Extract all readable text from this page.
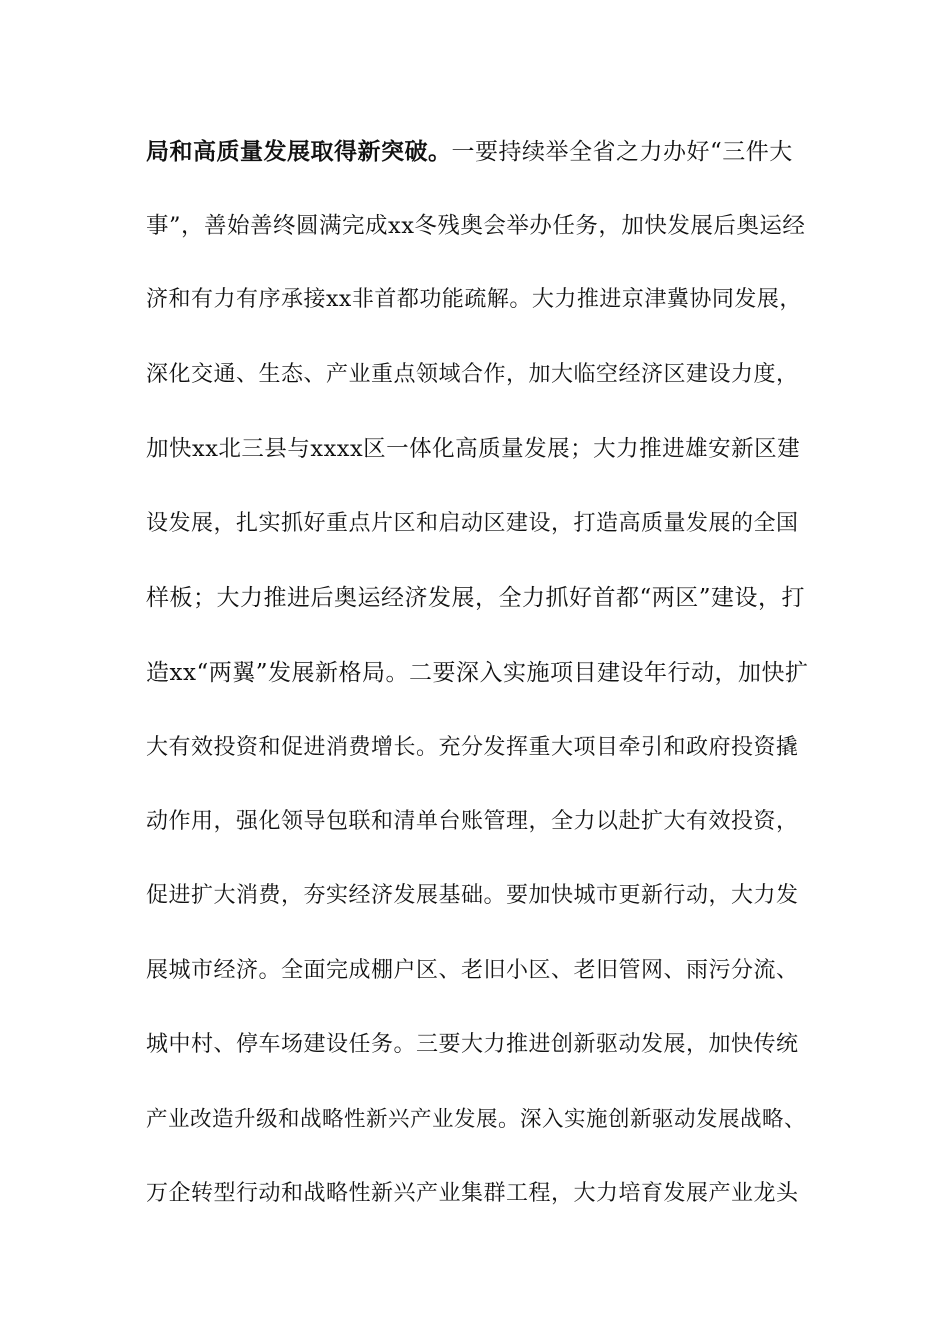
局和高质量发展取得新突破。一要持续举全省之力办好“三件大
事”，善始善终圆满完成xx冬残奥会举办任务，加快发展后奥运经
济和有力有序承接xx非首都功能疏解。大力推进京津冀协同发展，
深化交通、生态、产业重点领域合作，加大临空经济区建设力度，
加快xx北三县与xxxx区一体化高质量发展；大力推进雄安新区建
设发展，扎实抓好重点片区和启动区建设，打造高质量发展的全国
样板；大力推进后奥运经济发展，全力抓好首都“两区”建设，打
造xx“两翼”发展新格局。二要深入实施项目建设年行动，加快扩
大有效投资和促进消费增长。充分发挥重大项目牵引和政府投资撬
动作用，强化领导包联和清单台账管理，全力以赴扩大有效投资，
促进扩大消费，夯实经济发展基础。要加快城市更新行动，大力发
展城市经济。全面完成棚户区、老旧小区、老旧管网、雨污分流、
城中村、停车场建设任务。三要大力推进创新驱动发展，加快传统
产业改造升级和战略性新兴产业发展。深入实施创新驱动发展战略、
万企转型行动和战略性新兴产业集群工程，大力培育发展产业龙头
